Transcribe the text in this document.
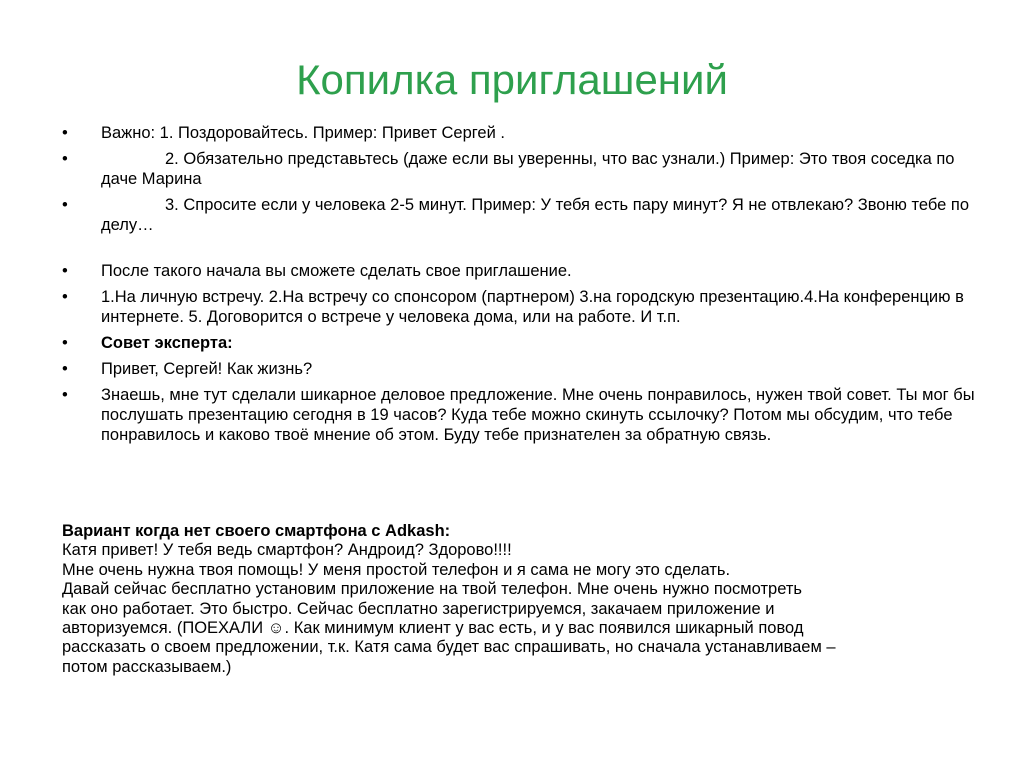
Копилка приглашений
•	Важно: 1. Поздоровайтесь. Пример: Привет Сергей .
•	2. Обязательно представьтесь (даже если вы уверенны, что вас узнали.) Пример: Это твоя соседка по даче Марина
•	3. Спросите если у человека 2-5 минут. Пример: У тебя есть пару минут? Я не отвлекаю? Звоню тебе по делу…
•	После такого начала вы сможете сделать свое приглашение.
•	1.На личную встречу. 2.На встречу со спонсором (партнером) 3.на городскую презентацию.4.На конференцию в интернете. 5. Договорится о встрече у человека дома, или на работе. И т.п.
•	Совет эксперта:
•	Привет, Сергей! Как жизнь?
•	Знаешь, мне тут сделали шикарное деловое предложение. Мне очень понравилось, нужен твой совет. Ты мог бы послушать презентацию сегодня в 19 часов? Куда тебе можно скинуть ссылочку? Потом мы обсудим, что тебе понравилось и каково твоё мнение об этом. Буду тебе признателен за обратную связь.
Вариант когда нет своего смартфона с Adkash:
Катя привет! У тебя ведь смартфон? Андроид? Здорово!!!!
Мне очень нужна твоя помощь! У меня простой телефон и я сама не могу это сделать.
Давай сейчас бесплатно установим приложение на твой телефон. Мне очень нужно посмотреть
как оно работает. Это быстро. Сейчас бесплатно зарегистрируемся, закачаем приложение и
авторизуемся. (ПОЕХАЛИ ☺. Как минимум клиент у вас есть, и у вас появился шикарный повод
рассказать о своем предложении, т.к. Катя сама будет вас спрашивать, но сначала устанавливаем –
потом рассказываем.)
